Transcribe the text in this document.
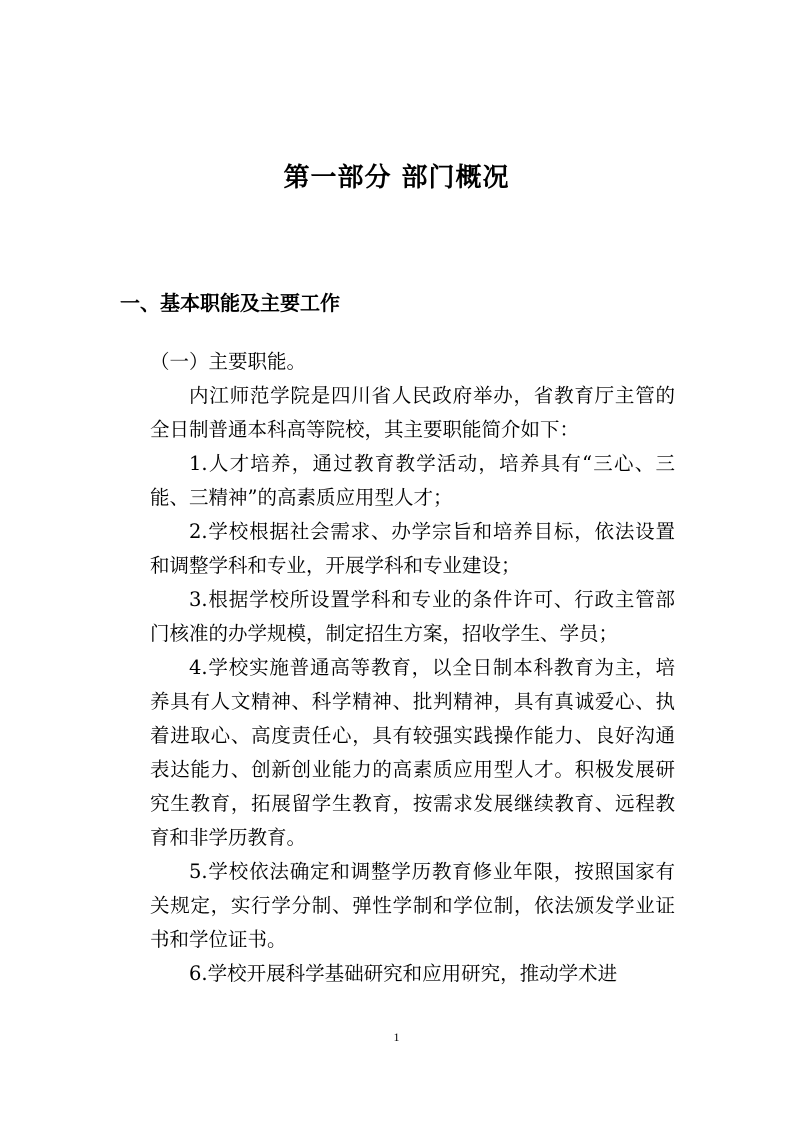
第一部分 部门概况
一、基本职能及主要工作

（一）主要职能。

内江师范学院是四川省人民政府举办，省教育厅主管的全日制普通本科高等院校，其主要职能简介如下：

1.人才培养，通过教育教学活动，培养具有“三心、三能、三精神”的高素质应用型人才；

2.学校根据社会需求、办学宗旨和培养目标，依法设置和调整学科和专业，开展学科和专业建设；

3.根据学校所设置学科和专业的条件许可、行政主管部门核准的办学规模，制定招生方案，招收学生、学员；

4.学校实施普通高等教育，以全日制本科教育为主，培养具有人文精神、科学精神、批判精神，具有真诚爱心、执着进取心、高度责任心，具有较强实践操作能力、良好沟通表达能力、创新创业能力的高素质应用型人才。积极发展研究生教育，拓展留学生教育，按需求发展继续教育、远程教育和非学历教育。

5.学校依法确定和调整学历教育修业年限，按照国家有关规定，实行学分制、弹性学制和学位制，依法颁发学业证书和学位证书。

6.学校开展科学基础研究和应用研究，推动学术进

1
